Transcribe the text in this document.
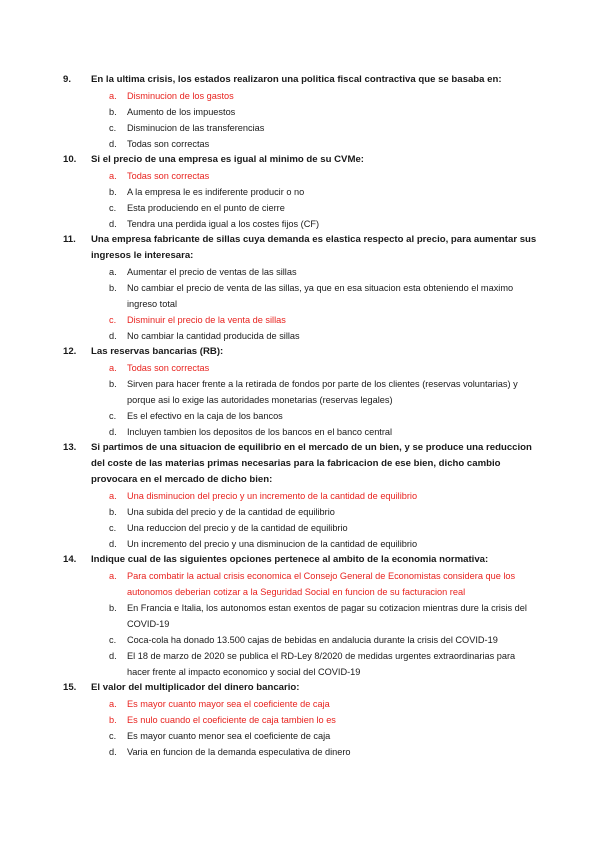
9. En la ultima crisis, los estados realizaron una politica fiscal contractiva que se basaba en:
a. Disminucion de los gastos
b. Aumento de los impuestos
c. Disminucion de las transferencias
d. Todas son correctas
10. Si el precio de una empresa es igual al minimo de su CVMe:
a. Todas son correctas
b. A la empresa le es indiferente producir o no
c. Esta produciendo en el punto de cierre
d. Tendra una perdida igual a los costes fijos (CF)
11. Una empresa fabricante de sillas cuya demanda es elastica respecto al precio, para aumentar sus ingresos le interesara:
a. Aumentar el precio de ventas de las sillas
b. No cambiar el precio de venta de las sillas, ya que en esa situacion esta obteniendo el maximo ingreso total
c. Disminuir el precio de la venta de sillas
d. No cambiar la cantidad producida de sillas
12. Las reservas bancarias (RB):
a. Todas son correctas
b. Sirven para hacer frente a la retirada de fondos por parte de los clientes (reservas voluntarias) y porque asi lo exige las autoridades monetarias (reservas legales)
c. Es el efectivo en la caja de los bancos
d. Incluyen tambien los depositos de los bancos en el banco central
13. Si partimos de una situacion de equilibrio en el mercado de un bien, y se produce una reduccion del coste de las materias primas necesarias para la fabricacion de ese bien, dicho cambio provocara en el mercado de dicho bien:
a. Una disminucion del precio y un incremento de la cantidad de equilibrio
b. Una subida del precio y de la cantidad de equilibrio
c. Una reduccion del precio y de la cantidad de equilibrio
d. Un incremento del precio y una disminucion de la cantidad de equilibrio
14. Indique cual de las siguientes opciones pertenece al ambito de la economia normativa:
a. Para combatir la actual crisis economica el Consejo General de Economistas considera que los autonomos deberian cotizar a la Seguridad Social en funcion de su facturacion real
b. En Francia e Italia, los autonomos estan exentos de pagar su cotizacion mientras dure la crisis del COVID-19
c. Coca-cola ha donado 13.500 cajas de bebidas en andalucia durante la crisis del COVID-19
d. El 18 de marzo de 2020 se publica el RD-Ley 8/2020 de medidas urgentes extraordinarias para hacer frente al impacto economico y social del COVID-19
15. El valor del multiplicador del dinero bancario:
a. Es mayor cuanto mayor sea el coeficiente de caja
b. Es nulo cuando el coeficiente de caja tambien lo es
c. Es mayor cuanto menor sea el coeficiente de caja
d. Varia en funcion de la demanda especulativa de dinero
